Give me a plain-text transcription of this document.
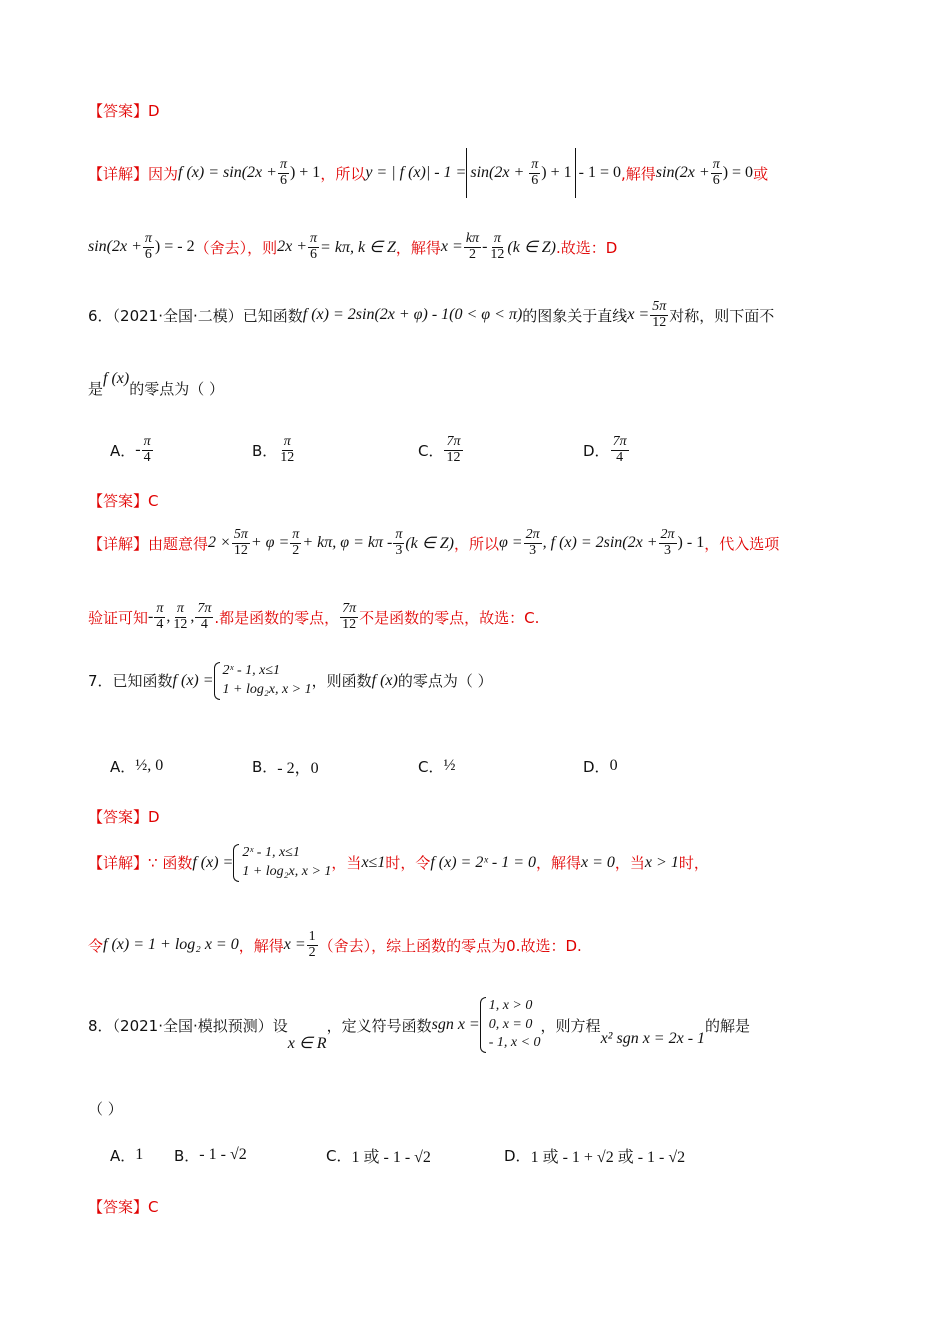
【答案】 D
【详解】 因为 f $(x) = \sin(2x + \frac{\pi}{6}$ ) + 1 ，所以 y = | f $(x)| - 1 = \sin(2x + \frac{\pi}{6}$ ) + 1 - 1 = 0 ,解得 $\sin(2x + \frac{\pi}{6}$ ) = 0 或
$\sin(2x + \frac{\pi}{6}$ ) = - 2 （舍去），则 $2x + \frac{\pi}{6} = k\pi$, k ∈ Z ，解得 $x = \frac{k\pi}{2} - \frac{\pi}{12} (k$ ∈ Z) .故选：D
6．（2021·全国·二模）已知函数 f (x) = 2sin(2x + φ) - 1(0 < φ < π) 的图象关于直线 $x = \frac{5\pi}{12}$ 对称，则下面不
是
f (x)
的零点为（ ）
A． - $\frac{\pi}{4}$	B． $\frac{\pi}{12}$	C． $\frac{7\pi}{12}$	D． $\frac{7\pi}{4}$
【答案】 C
【详解】 由题意得 $2 \times \frac{5\pi}{12} + \varphi = \frac{\pi}{2} + k\pi$, $\varphi = k\pi - \frac{\pi}{3} (k$ ∈ Z) ，所以 $\varphi = \frac{2\pi}{3}$ , f $(x) = 2\sin(2x + \frac{2\pi}{3}$ ) - 1 ，代入选项
验证可知 - $\frac{\pi}{4}$ , $\frac{\pi}{12}$ , $\frac{7\pi}{4}$ .都是函数的零点， $\frac{7\pi}{12}$ 不是函数的零点，故选：C.
7．已知函数 f (x) =
2ˣ - 1, x≤1
1 + log₂x, x > 1 ，则函数 f (x) 的零点为（ ）
A． ½, 0	B． - 2，0	C． ½	D． 0
【答案】 D
【详解】 ∵ 函数 f (x) =
2ˣ - 1, x≤1
1 + log₂x, x > 1 ，当 x≤1 时，令 f (x) = 2ˣ - 1 = 0 ，解得 x = 0 ，当 x > 1 时，
令 f (x) = 1 + log₂ x = 0 ，解得 $x = \frac{1}{2}$ （舍去），综上函数的零点为0.故选：D.
8．（2021·全国·模拟预测）设
x ∈ R
，定义符号函数 sgn x =
1, x > 0
0, x = 0
- 1, x < 0
，则方程
x² sgn x = 2x - 1
的解是
（ ）
A． 1 B． - 1 - √2	C． 1 或 - 1 - √2	D． 1 或 - 1 + √2 或 - 1 - √2
【答案】 C
